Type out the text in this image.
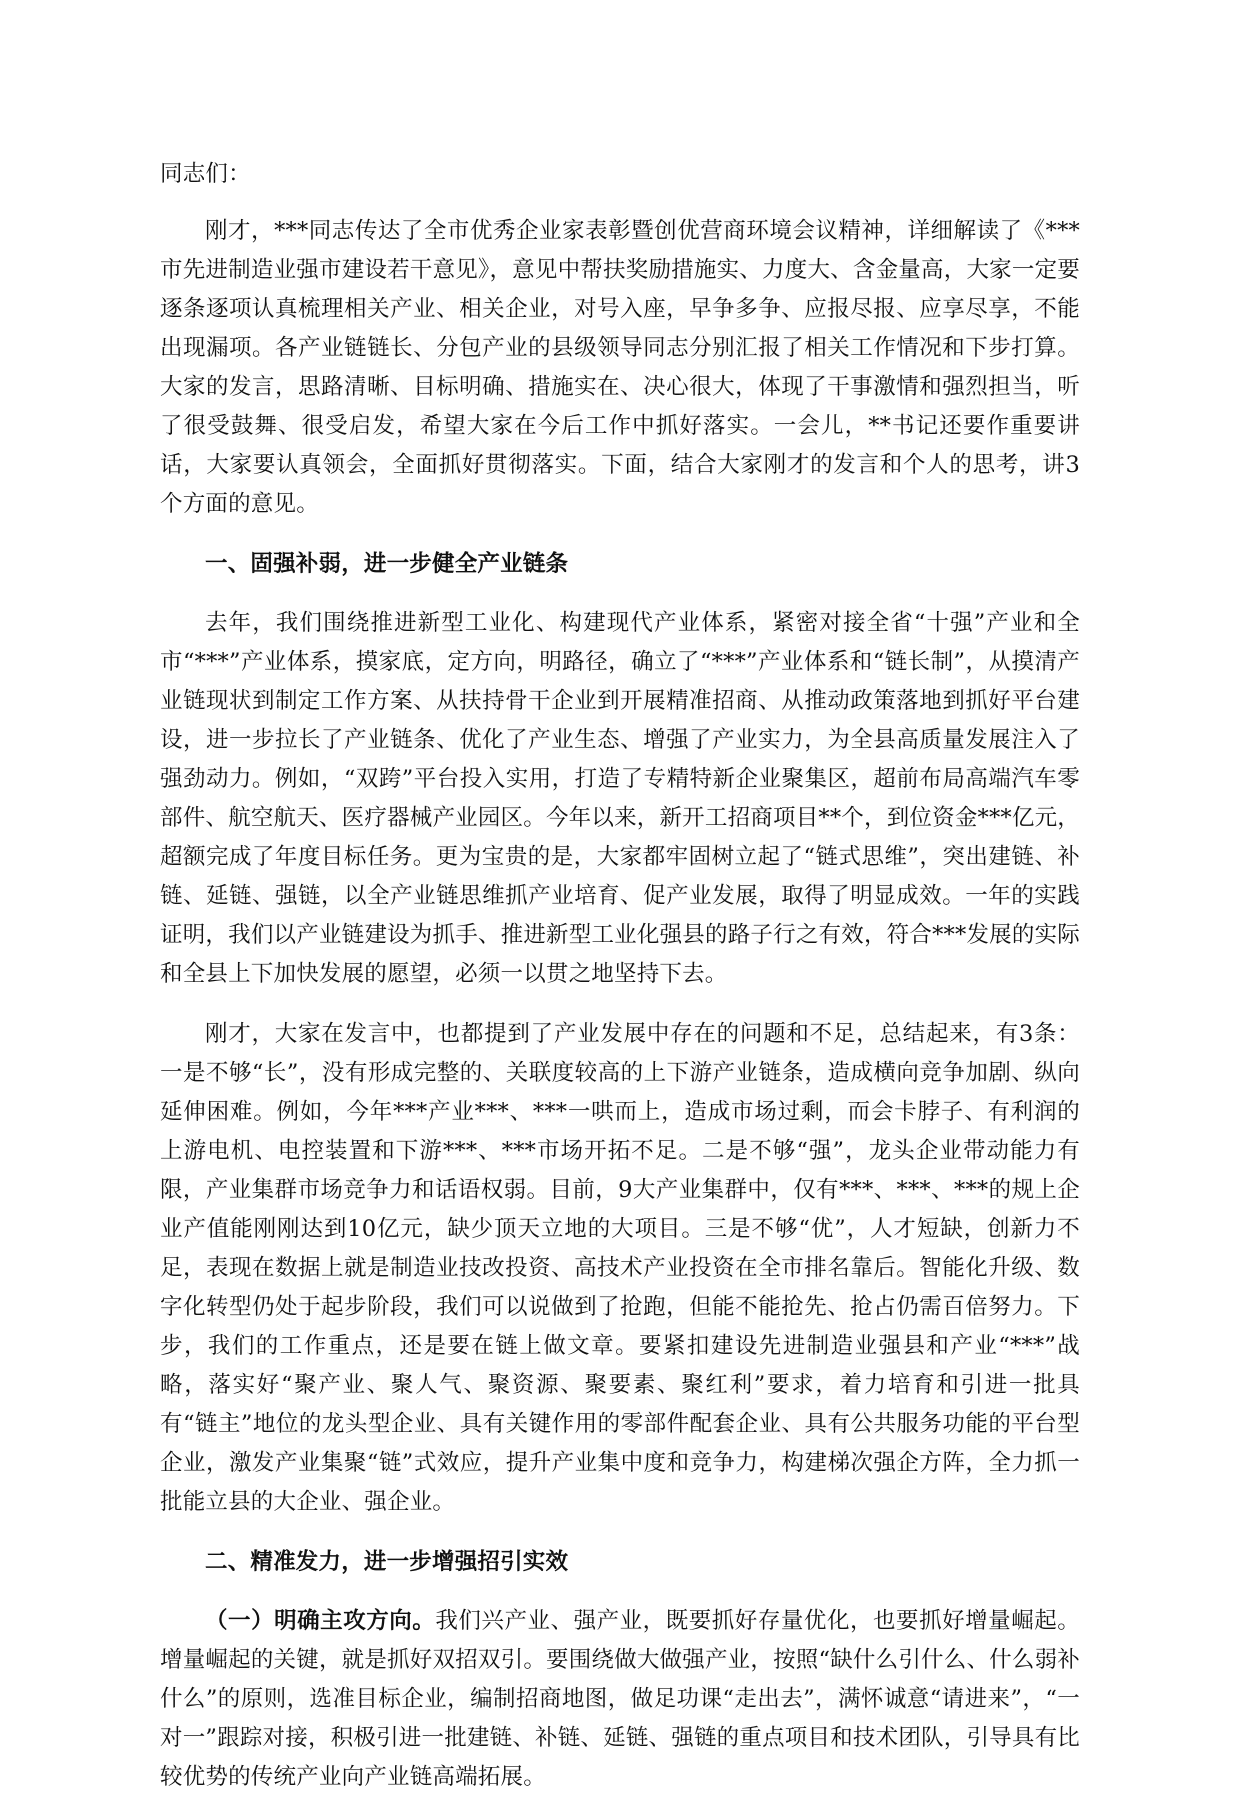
同志们：

刚才，***同志传达了全市优秀企业家表彰暨创优营商环境会议精神，详细解读了《***市先进制造业强市建设若干意见》，意见中帮扶奖励措施实、力度大、含金量高，大家一定要逐条逐项认真梳理相关产业、相关企业，对号入座，早争多争、应报尽报、应享尽享，不能出现漏项。各产业链链长、分包产业的县级领导同志分别汇报了相关工作情况和下步打算。大家的发言，思路清晰、目标明确、措施实在、决心很大，体现了干事激情和强烈担当，听了很受鼓舞、很受启发，希望大家在今后工作中抓好落实。一会儿，**书记还要作重要讲话，大家要认真领会，全面抓好贯彻落实。下面，结合大家刚才的发言和个人的思考，讲3个方面的意见。

一、固强补弱，进一步健全产业链条

去年，我们围绕推进新型工业化、构建现代产业体系，紧密对接全省“十强”产业和全市“***”产业体系，摸家底，定方向，明路径，确立了“***”产业体系和“链长制”，从摸清产业链现状到制定工作方案、从扶持骨干企业到开展精准招商、从推动政策落地到抓好平台建设，进一步拉长了产业链条、优化了产业生态、增强了产业实力，为全县高质量发展注入了强劲动力。例如，“双跨”平台投入实用，打造了专精特新企业聚集区，超前布局高端汽车零部件、航空航天、医疗器械产业园区。今年以来，新开工招商项目**个，到位资金***亿元，超额完成了年度目标任务。更为宝贵的是，大家都牢固树立起了“链式思维”，突出建链、补链、延链、强链，以全产业链思维抓产业培育、促产业发展，取得了明显成效。一年的实践证明，我们以产业链建设为抓手、推进新型工业化强县的路子行之有效，符合***发展的实际和全县上下加快发展的愿望，必须一以贯之地坚持下去。

刚才，大家在发言中，也都提到了产业发展中存在的问题和不足，总结起来，有3条：一是不够“长”，没有形成完整的、关联度较高的上下游产业链条，造成横向竞争加剧、纵向延伸困难。例如，今年***产业***、***一哄而上，造成市场过剩，而会卡脖子、有利润的上游电机、电控装置和下游***、***市场开拓不足。二是不够“强”，龙头企业带动能力有限，产业集群市场竞争力和话语权弱。目前，9大产业集群中，仅有***、***、***的规上企业产值能刚刚达到10亿元，缺少顶天立地的大项目。三是不够“优”，人才短缺，创新力不足，表现在数据上就是制造业技改投资、高技术产业投资在全市排名靠后。智能化升级、数字化转型仍处于起步阶段，我们可以说做到了抢跑，但能不能抢先、抢占仍需百倍努力。下步，我们的工作重点，还是要在链上做文章。要紧扣建设先进制造业强县和产业“***”战略，落实好“聚产业、聚人气、聚资源、聚要素、聚红利”要求，着力培育和引进一批具有“链主”地位的龙头型企业、具有关键作用的零部件配套企业、具有公共服务功能的平台型企业，激发产业集聚“链”式效应，提升产业集中度和竞争力，构建梯次强企方阵，全力抓一批能立县的大企业、强企业。

二、精准发力，进一步增强招引实效

（一）明确主攻方向。我们兴产业、强产业，既要抓好存量优化，也要抓好增量崛起。增量崛起的关键，就是抓好双招双引。要围绕做大做强产业，按照“缺什么引什么、什么弱补什么”的原则，选准目标企业，编制招商地图，做足功课“走出去”，满怀诚意“请进来”，“一对一”跟踪对接，积极引进一批建链、补链、延链、强链的重点项目和技术团队，引导具有比较优势的传统产业向产业链高端拓展。
